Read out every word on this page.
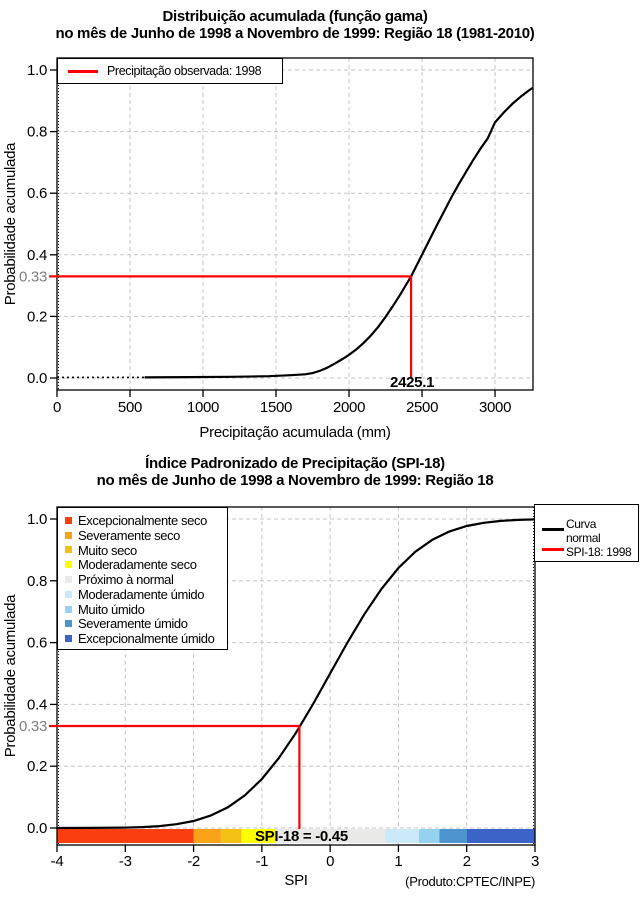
0	500	1000	1500	2000	2500	3000
0.0
0.2
0.4
0.6
0.8
1.0
Precipitação acumulada (mm)
Probabilidade acumulada 0.33
2425.1
-4	-3	-2	-1	0	1	2	3
0.0
0.2
0.4
0.6
0.8
1.0
SPI
Probabilidade acumulada
(Produto:CPTEC/INPE)
0.33
SPI-18 = -0.45
Distribuição acumulada (função gama)
no mês de Junho de 1998 a Novembro de 1999: Região 18 (1981-2010)
Precipitação observada: 1998
Índice Padronizado de Precipitação (SPI-18)
no mês de Junho de 1998 a Novembro de 1999: Região 18
Excepcionalmente seco
Severamente seco
Muito seco
Moderadamente seco
Próximo à normal
Moderadamente úmido
Muito úmido
Severamente úmido
Excepcionalmente úmido
Curva
normal
SPI-18: 1998
